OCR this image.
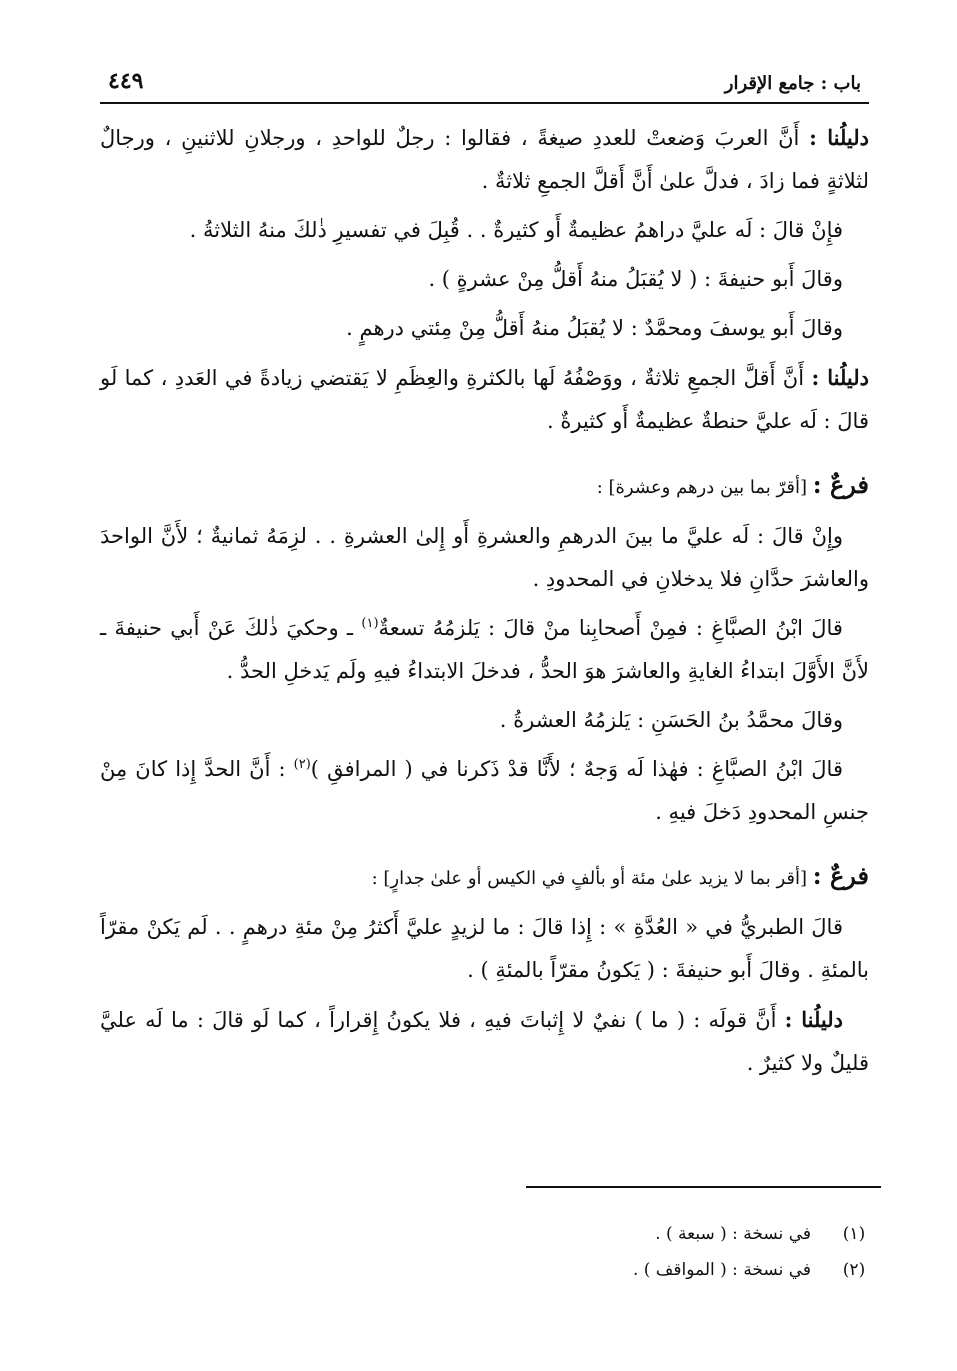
باب : جامع الإقرار
٤٤٩

دليلُنا : أَنَّ العربَ وَضعتْ للعددِ صيغةً ، فقالوا : رجلٌ للواحدِ ، ورجلانِ للاثنينِ ، ورجالٌ لثلاثةٍ فما زادَ ، فدلَّ علىٰ أَنَّ أَقلَّ الجمعِ ثلاثةٌ .

فإِنْ قالَ : لَه عليَّ دراهمُ عظيمةٌ أَو كثيرةٌ . . قُبِلَ في تفسيرِ ذٰلكَ منهُ الثلاثةُ .

وقالَ أَبو حنيفةَ : ( لا يُقبَلُ منهُ أَقلُّ مِنْ عشرةٍ ) .

وقالَ أَبو يوسفَ ومحمَّدٌ : لا يُقبَلُ منهُ أَقلُّ مِنْ مِئتي درهمٍ .

دليلُنا : أَنَّ أَقلَّ الجمعِ ثلاثةٌ ، ووَصْفُهُ لَها بالكثرةِ والعِظَمِ لا يَقتضي زيادةً في العَددِ ، كما لَو قالَ : لَه عليَّ حنطةٌ عظيمةٌ أَو كثيرةٌ .

فرعٌ : [أقرّ بما بين درهم وعشرة] :

وإِنْ قالَ : لَه عليَّ ما بينَ الدرهمِ والعشرةِ أَو إِلىٰ العشرةِ . . لزِمَهُ ثمانيةٌ ؛ لأَنَّ الواحدَ والعاشرَ حدَّانِ فلا يدخلانِ في المحدودِ .

قالَ ابْنُ الصبَّاغِ : فمِنْ أَصحابِنا منْ قالَ : يَلزمُهُ تسعةٌ$^{(١)}$ ـ وحكيَ ذٰلكَ عَنْ أَبي حنيفةَ ـ لأَنَّ الأَوَّلَ ابتداءُ الغايةِ والعاشرَ هوَ الحدُّ ، فدخلَ الابتداءُ فيهِ ولَم يَدخلِ الحدُّ .

وقالَ محمَّدُ بنُ الحَسَنِ : يَلزمُهُ العشرةُ .

قالَ ابْنُ الصبَّاغِ : فهٰذا لَه وَجهٌ ؛ لأَنَّا قدْ ذَكرنا في ( المرافقِ )$^{(٢)}$ : أَنَّ الحدَّ إِذا كانَ مِنْ جنسِ المحدودِ دَخلَ فيهِ .

فرعٌ : [أقر بما لا يزيد علىٰ مئة أو بألفٍ في الكيس أو علىٰ جدارٍ] :

قالَ الطبريُّ في « العُدَّةِ » : إِذا قالَ : ما لزيدٍ عليَّ أَكثرُ مِنْ مئةِ درهمٍ . . لَم يَكنْ مقرّاً بالمئةِ . وقالَ أَبو حنيفةَ : ( يَكونُ مقرّاً بالمئةِ ) .

دليلُنا : أَنَّ قولَه : ( ما ) نفيٌ لا إِثباتَ فيهِ ، فلا يكونُ إِقراراً ، كما لَو قالَ : ما لَه عليَّ قليلٌ ولا كثيرٌ .

(١)
في نسخة : ( سبعة ) .
(٢)
في نسخة : ( المواقف ) .
